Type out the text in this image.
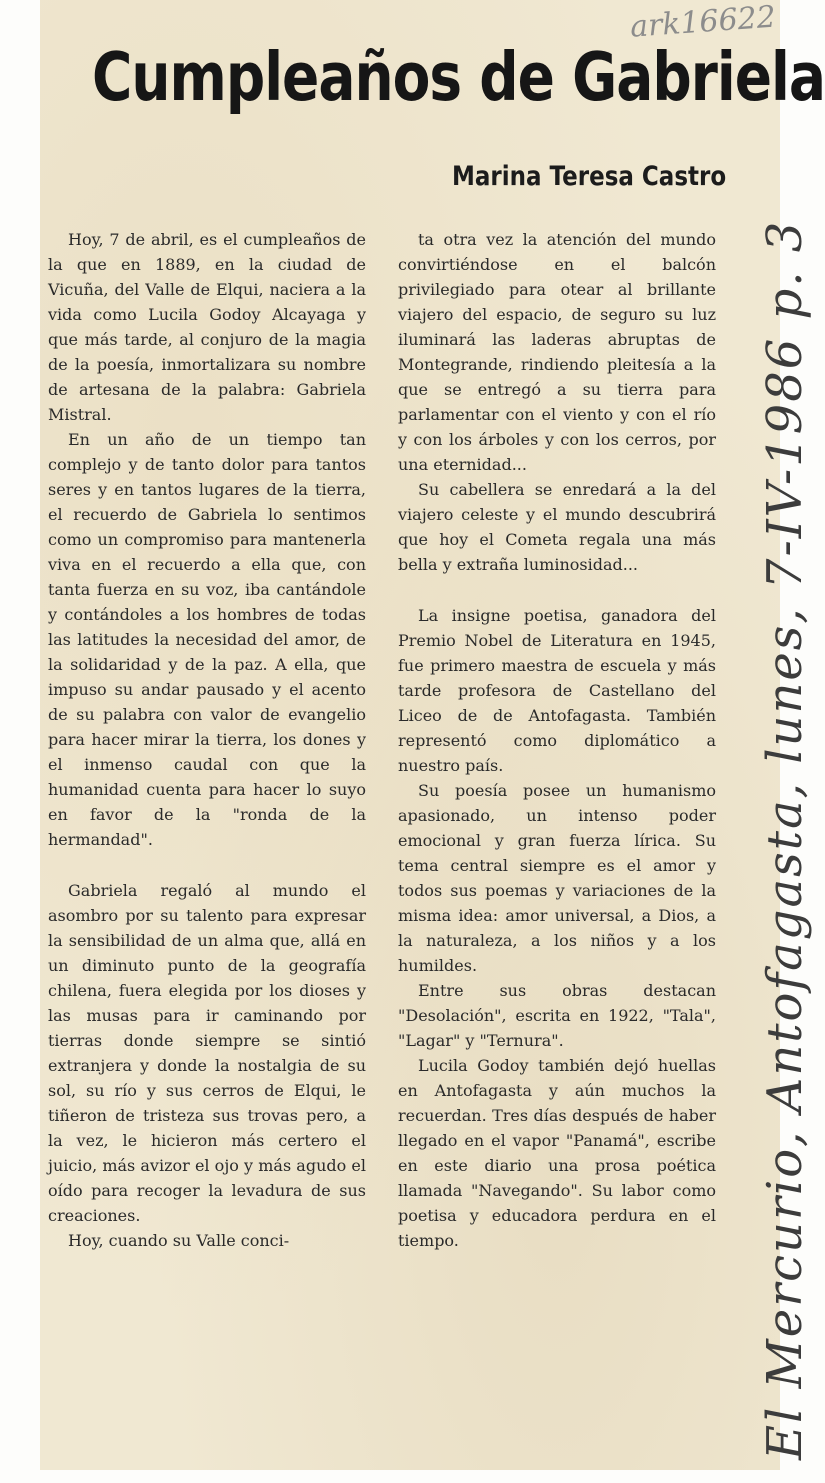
ark16622
Cumpleaños de Gabriela
Marina Teresa Castro

Hoy, 7 de abril, es el cumpleaños de la que en 1889, en la ciudad de Vicuña, del Valle de Elqui, naciera a la vida como Lucila Godoy Alcayaga y que más tarde, al conjuro de la magia de la poesía, inmortalizara su nombre de artesana de la palabra: Gabriela Mistral.

En un año de un tiempo tan complejo y de tanto dolor para tantos seres y en tantos lugares de la tierra, el recuerdo de Gabriela lo sentimos como un compromiso para mantenerla viva en el recuerdo a ella que, con tanta fuerza en su voz, iba cantándole y contándoles a los hombres de todas las latitudes la necesidad del amor, de la solidaridad y de la paz. A ella, que impuso su andar pausado y el acento de su palabra con valor de evangelio para hacer mirar la tierra, los dones y el inmenso caudal con que la humanidad cuenta para hacer lo suyo en favor de la "ronda de la hermandad".

Gabriela regaló al mundo el asombro por su talento para expresar la sensibilidad de un alma que, allá en un diminuto punto de la geografía chilena, fuera elegida por los dioses y las musas para ir caminando por tierras donde siempre se sintió extranjera y donde la nostalgia de su sol, su río y sus cerros de Elqui, le tiñeron de tristeza sus trovas pero, a la vez, le hicieron más certero el juicio, más avizor el ojo y más agudo el oído para recoger la levadura de sus creaciones.

Hoy, cuando su Valle conci-

ta otra vez la atención del mundo convirtiéndose en el balcón privilegiado para otear al brillante viajero del espacio, de seguro su luz iluminará las laderas abruptas de Montegrande, rindiendo pleitesía a la que se entregó a su tierra para parlamentar con el viento y con el río y con los árboles y con los cerros, por una eternidad...

Su cabellera se enredará a la del viajero celeste y el mundo descubrirá que hoy el Cometa regala una más bella y extraña luminosidad...

La insigne poetisa, ganadora del Premio Nobel de Literatura en 1945, fue primero maestra de escuela y más tarde profesora de Castellano del Liceo de de Antofagasta. También representó como diplomático a nuestro país.

Su poesía posee un humanismo apasionado, un intenso poder emocional y gran fuerza lírica. Su tema central siempre es el amor y todos sus poemas y variaciones de la misma idea: amor universal, a Dios, a la naturaleza, a los niños y a los humildes.

Entre sus obras destacan "Desolación", escrita en 1922, "Tala", "Lagar" y "Ternura".

Lucila Godoy también dejó huellas en Antofagasta y aún muchos la recuerdan. Tres días después de haber llegado en el vapor "Panamá", escribe en este diario una prosa poética llamada "Navegando". Su labor como poetisa y educadora perdura en el tiempo.	El Mercurio, Antofagasta, lunes, 7-IV-1986 p. 3
